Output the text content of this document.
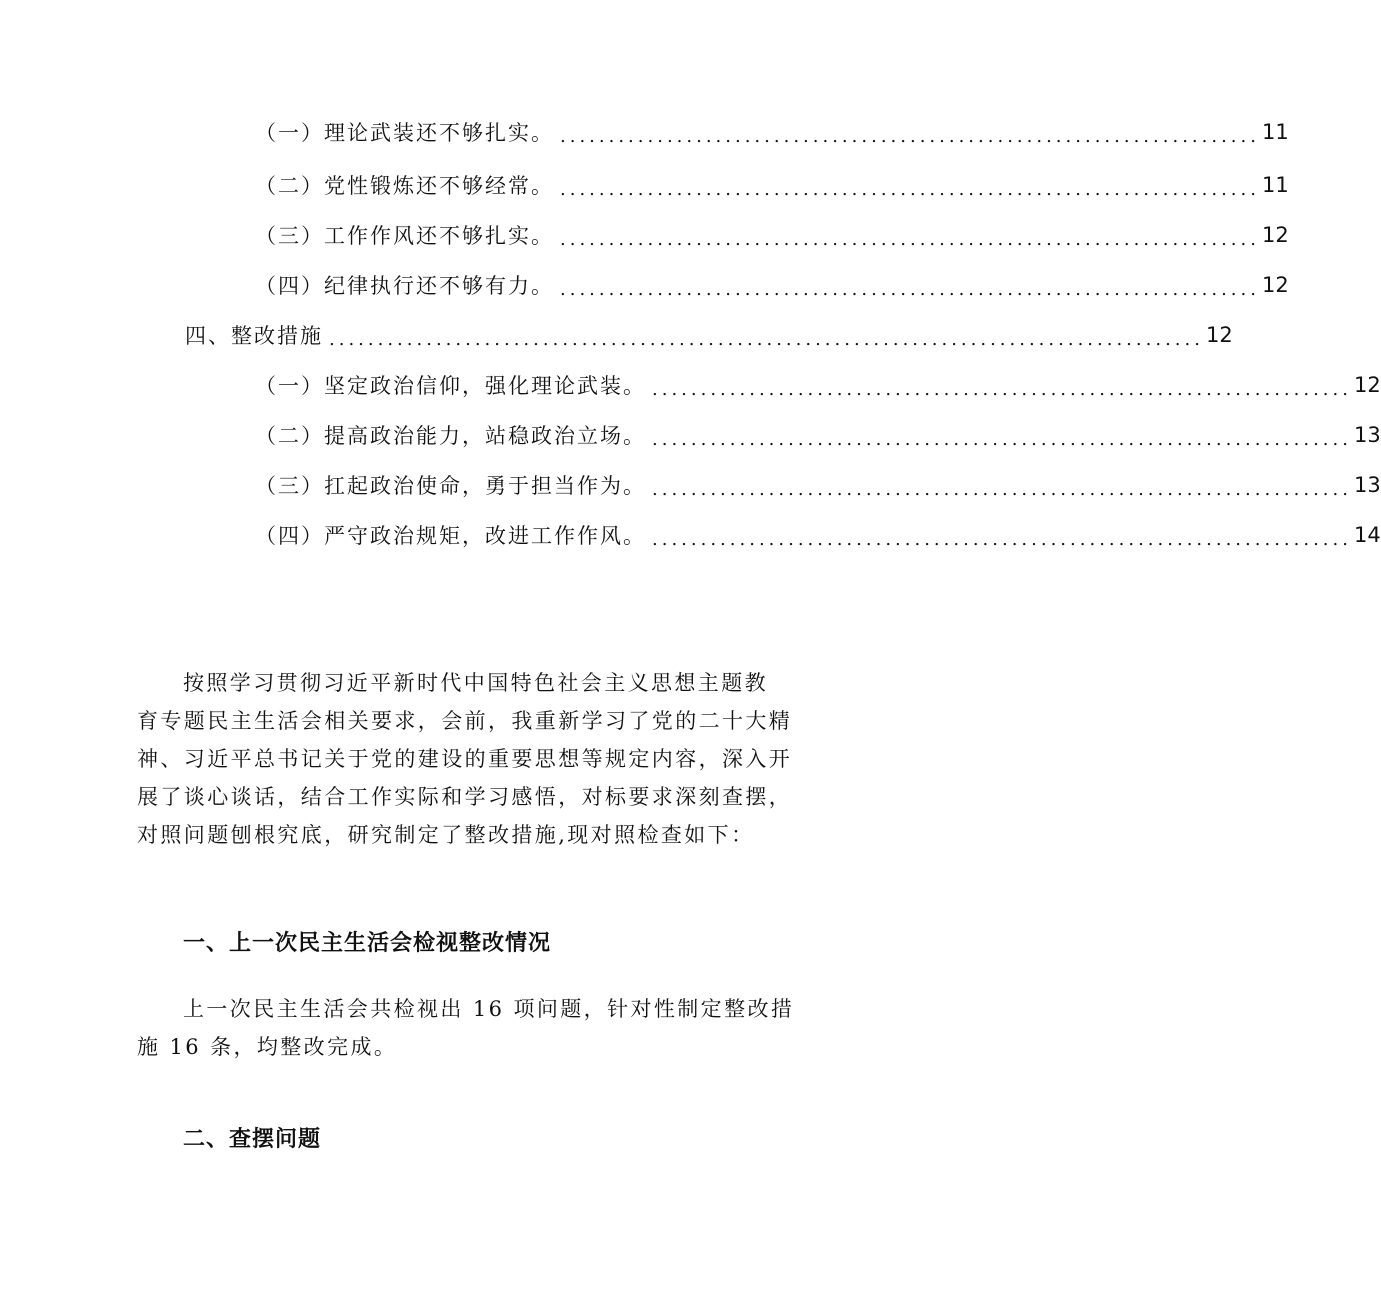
（一）理论武装还不够扎实。 ........................................................................ 11
（二）党性锻炼还不够经常。 ........................................................................ 11
（三）工作作风还不够扎实。 ........................................................................ 12
（四）纪律执行还不够有力。 ........................................................................ 12
四、整改措施 .......................................................................................... 12
（一）坚定政治信仰，强化理论武装。 ........................................................................ 12
（二）提高政治能力，站稳政治立场。 ........................................................................ 13
（三）扛起政治使命，勇于担当作为。 ........................................................................ 13
（四）严守政治规矩，改进工作作风。 ........................................................................ 14
按照学习贯彻习近平新时代中国特色社会主义思想主题教
育专题民主生活会相关要求，会前，我重新学习了党的二十大精
神、习近平总书记关于党的建设的重要思想等规定内容，深入开
展了谈心谈话，结合工作实际和学习感悟，对标要求深刻查摆，
对照问题刨根究底，研究制定了整改措施,现对照检查如下：
一、上一次民主生活会检视整改情况
上一次民主生活会共检视出 16 项问题，针对性制定整改措
施 16 条，均整改完成。
二、查摆问题
